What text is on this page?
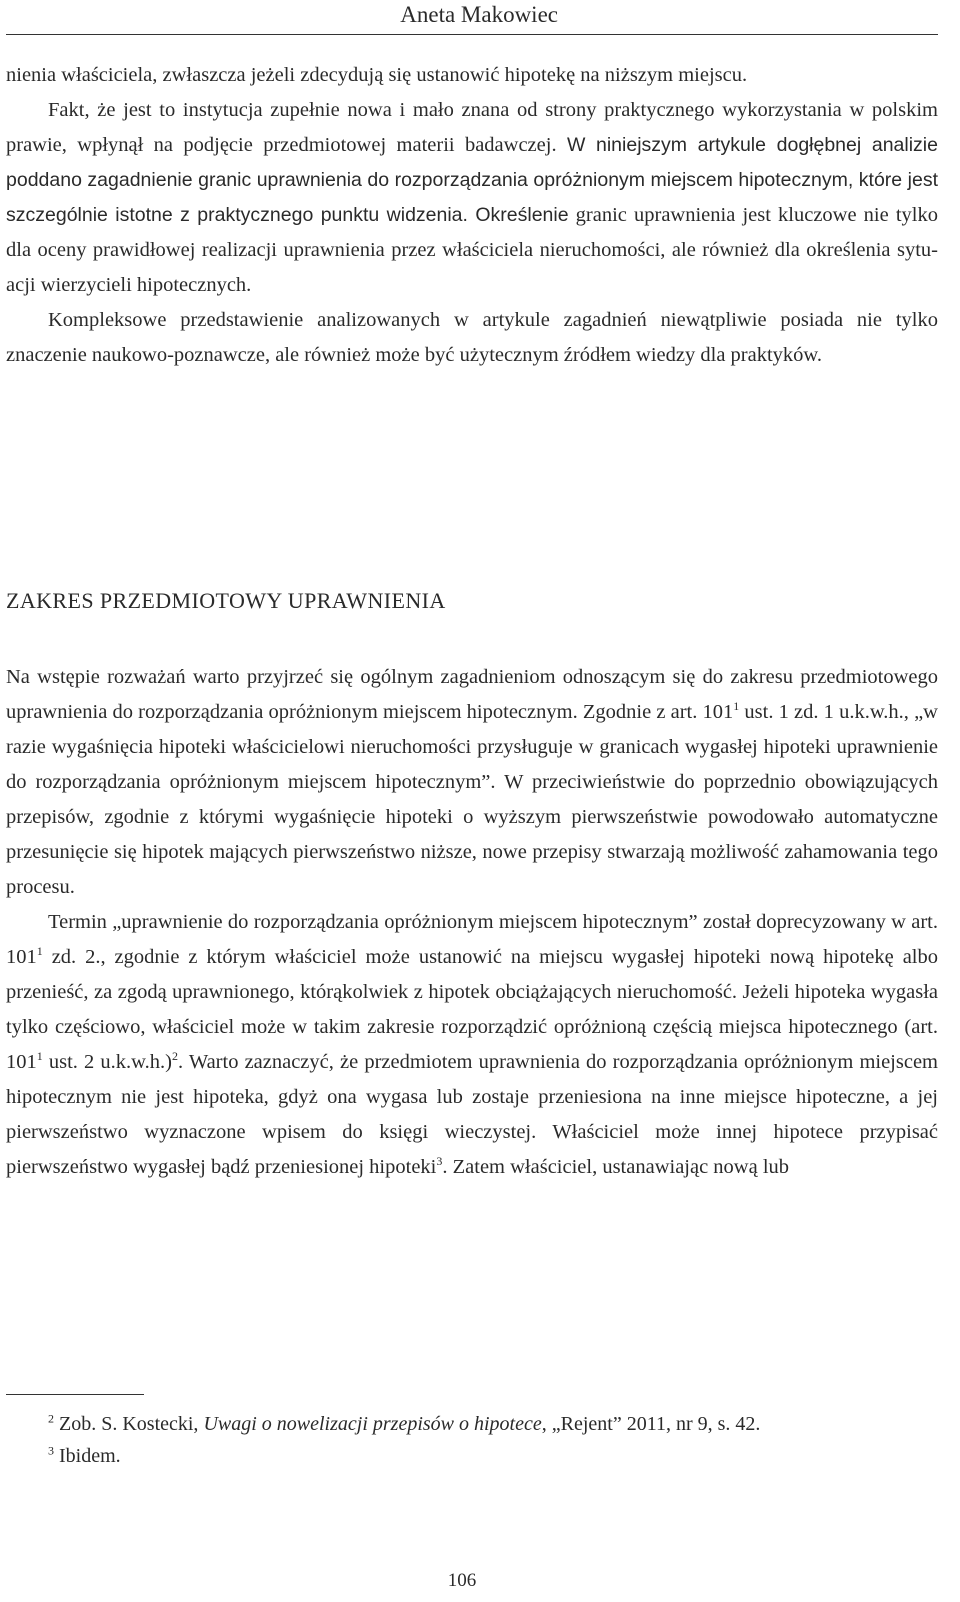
Aneta Makowiec

nienia właściciela, zwłaszcza jeżeli zdecydują się ustanowić hipotekę na niższym miejscu.

Fakt, że jest to instytucja zupełnie nowa i mało znana od strony praktycznego wykorzystania w polskim prawie, wpłynął na podjęcie przedmiotowej materii badawczej. W niniejszym artykule dogłębnej analizie poddano zagadnienie granic uprawnienia do rozporządzania opróżnionym miejscem hipotecznym, które jest szczególnie istotne z praktycznego punktu widzenia. Określenie granic uprawnienia jest kluczowe nie tylko dla oceny prawidłowej realizacji uprawnienia przez właściciela nieruchomości, ale również dla określenia sytuacji wierzycieli hipotecznych.

Kompleksowe przedstawienie analizowanych w artykule zagadnień niewątpliwie posiada nie tylko znaczenie naukowo-poznawcze, ale również może być użytecznym źródłem wiedzy dla praktyków.

ZAKRES PRZEDMIOTOWY UPRAWNIENIA

Na wstępie rozważań warto przyjrzeć się ogólnym zagadnieniom odnoszącym się do zakresu przedmiotowego uprawnienia do rozporządzania opróżnionym miejscem hipotecznym. Zgodnie z art. $101^1$ ust. 1 zd. 1 u.k.w.h., „w razie wygaśnięcia hipoteki właścicielowi nieruchomości przysługuje w granicach wygasłej hipoteki uprawnienie do rozporządzania opróżnionym miejscem hipotecznym”. W przeciwieństwie do poprzednio obowiązujących przepisów, zgodnie z którymi wygaśnięcie hipoteki o wyższym pierwszeństwie powodowało automatyczne przesunięcie się hipotek mających pierwszeństwo niższe, nowe przepisy stwarzają możliwość zahamowania tego procesu.

Termin „uprawnienie do rozporządzania opróżnionym miejscem hipotecznym” został doprecyzowany w art. $101^1$ zd. 2., zgodnie z którym właściciel może ustanowić na miejscu wygasłej hipoteki nową hipotekę albo przenieść, za zgodą uprawnionego, którąkolwiek z hipotek obciążających nieruchomość. Jeżeli hipoteka wygasła tylko częściowo, właściciel może w takim zakresie rozporządzić opróżnioną częścią miejsca hipotecznego (art. $101^1$ ust. 2 u.k.w.h.)$^2$. Warto zaznaczyć, że przedmiotem uprawnienia do rozporządzania opróżnionym miejscem hipotecznym nie jest hipoteka, gdyż ona wygasa lub zostaje przeniesiona na inne miejsce hipoteczne, a jej pierwszeństwo wyznaczone wpisem do księgi wieczystej. Właściciel może innej hipotece przypisać pierwszeństwo wygasłej bądź przeniesionej hipoteki$^3$. Zatem właściciel, ustanawiając nową lub

$^2$ Zob. S. Kostecki, Uwagi o nowelizacji przepisów o hipotece, „Rejent” 2011, nr 9, s. 42.

$^3$ Ibidem.

106
